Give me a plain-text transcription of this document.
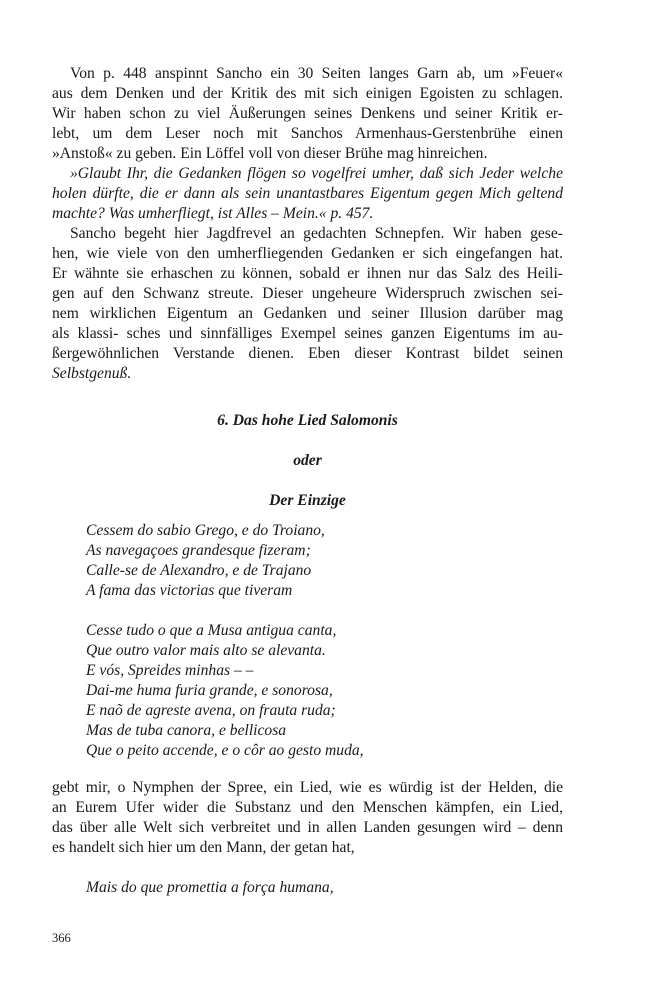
Von p. 448 anspinnt Sancho ein 30 Seiten langes Garn ab, um »Feuer«
aus dem Denken und der Kritik des mit sich einigen Egoisten zu schlagen.
Wir haben schon zu viel Äußerungen seines Denkens und seiner Kritik er-
lebt, um dem Leser noch mit Sanchos Armenhaus-Gerstenbrühe einen
»Anstoß« zu geben. Ein Löffel voll von dieser Brühe mag hinreichen.
»Glaubt Ihr, die Gedanken flögen so vogelfrei umher, daß sich Jeder welche
holen dürfte, die er dann als sein unantastbares Eigentum gegen Mich geltend
machte? Was umherfliegt, ist Alles – Mein.« p. 457.
Sancho begeht hier Jagdfrevel an gedachten Schnepfen. Wir haben gese-
hen, wie viele von den umherfliegenden Gedanken er sich eingefangen hat.
Er wähnte sie erhaschen zu können, sobald er ihnen nur das Salz des Heili-
gen auf den Schwanz streute. Dieser ungeheure Widerspruch zwischen sei-
nem wirklichen Eigentum an Gedanken und seiner Illusion darüber mag
als klassi- sches und sinnfälliges Exempel seines ganzen Eigentums im au-
ßergewöhnlichen Verstande dienen. Eben dieser Kontrast bildet seinen
Selbstgenuß.
6. Das hohe Lied Salomonis
oder
Der Einzige
Cessem do sabio Grego, e do Troiano,
As navegaçoes grandesque fizeram;
Calle-se de Alexandro, e de Trajano
A fama das victorias que tiveram
Cesse tudo o que a Musa antigua canta,
Que outro valor mais alto se alevanta.
E vós, Spreides minhas – –
Dai-me huma furia grande, e sonorosa,
E naõ de agreste avena, on frauta ruda;
Mas de tuba canora, e bellicosa
Que o peito accende, e o côr ao gesto muda,
gebt mir, o Nymphen der Spree, ein Lied, wie es würdig ist der Helden, die
an Eurem Ufer wider die Substanz und den Menschen kämpfen, ein Lied,
das über alle Welt sich verbreitet und in allen Landen gesungen wird – denn
es handelt sich hier um den Mann, der getan hat,
Mais do que promettia a força humana,
366
